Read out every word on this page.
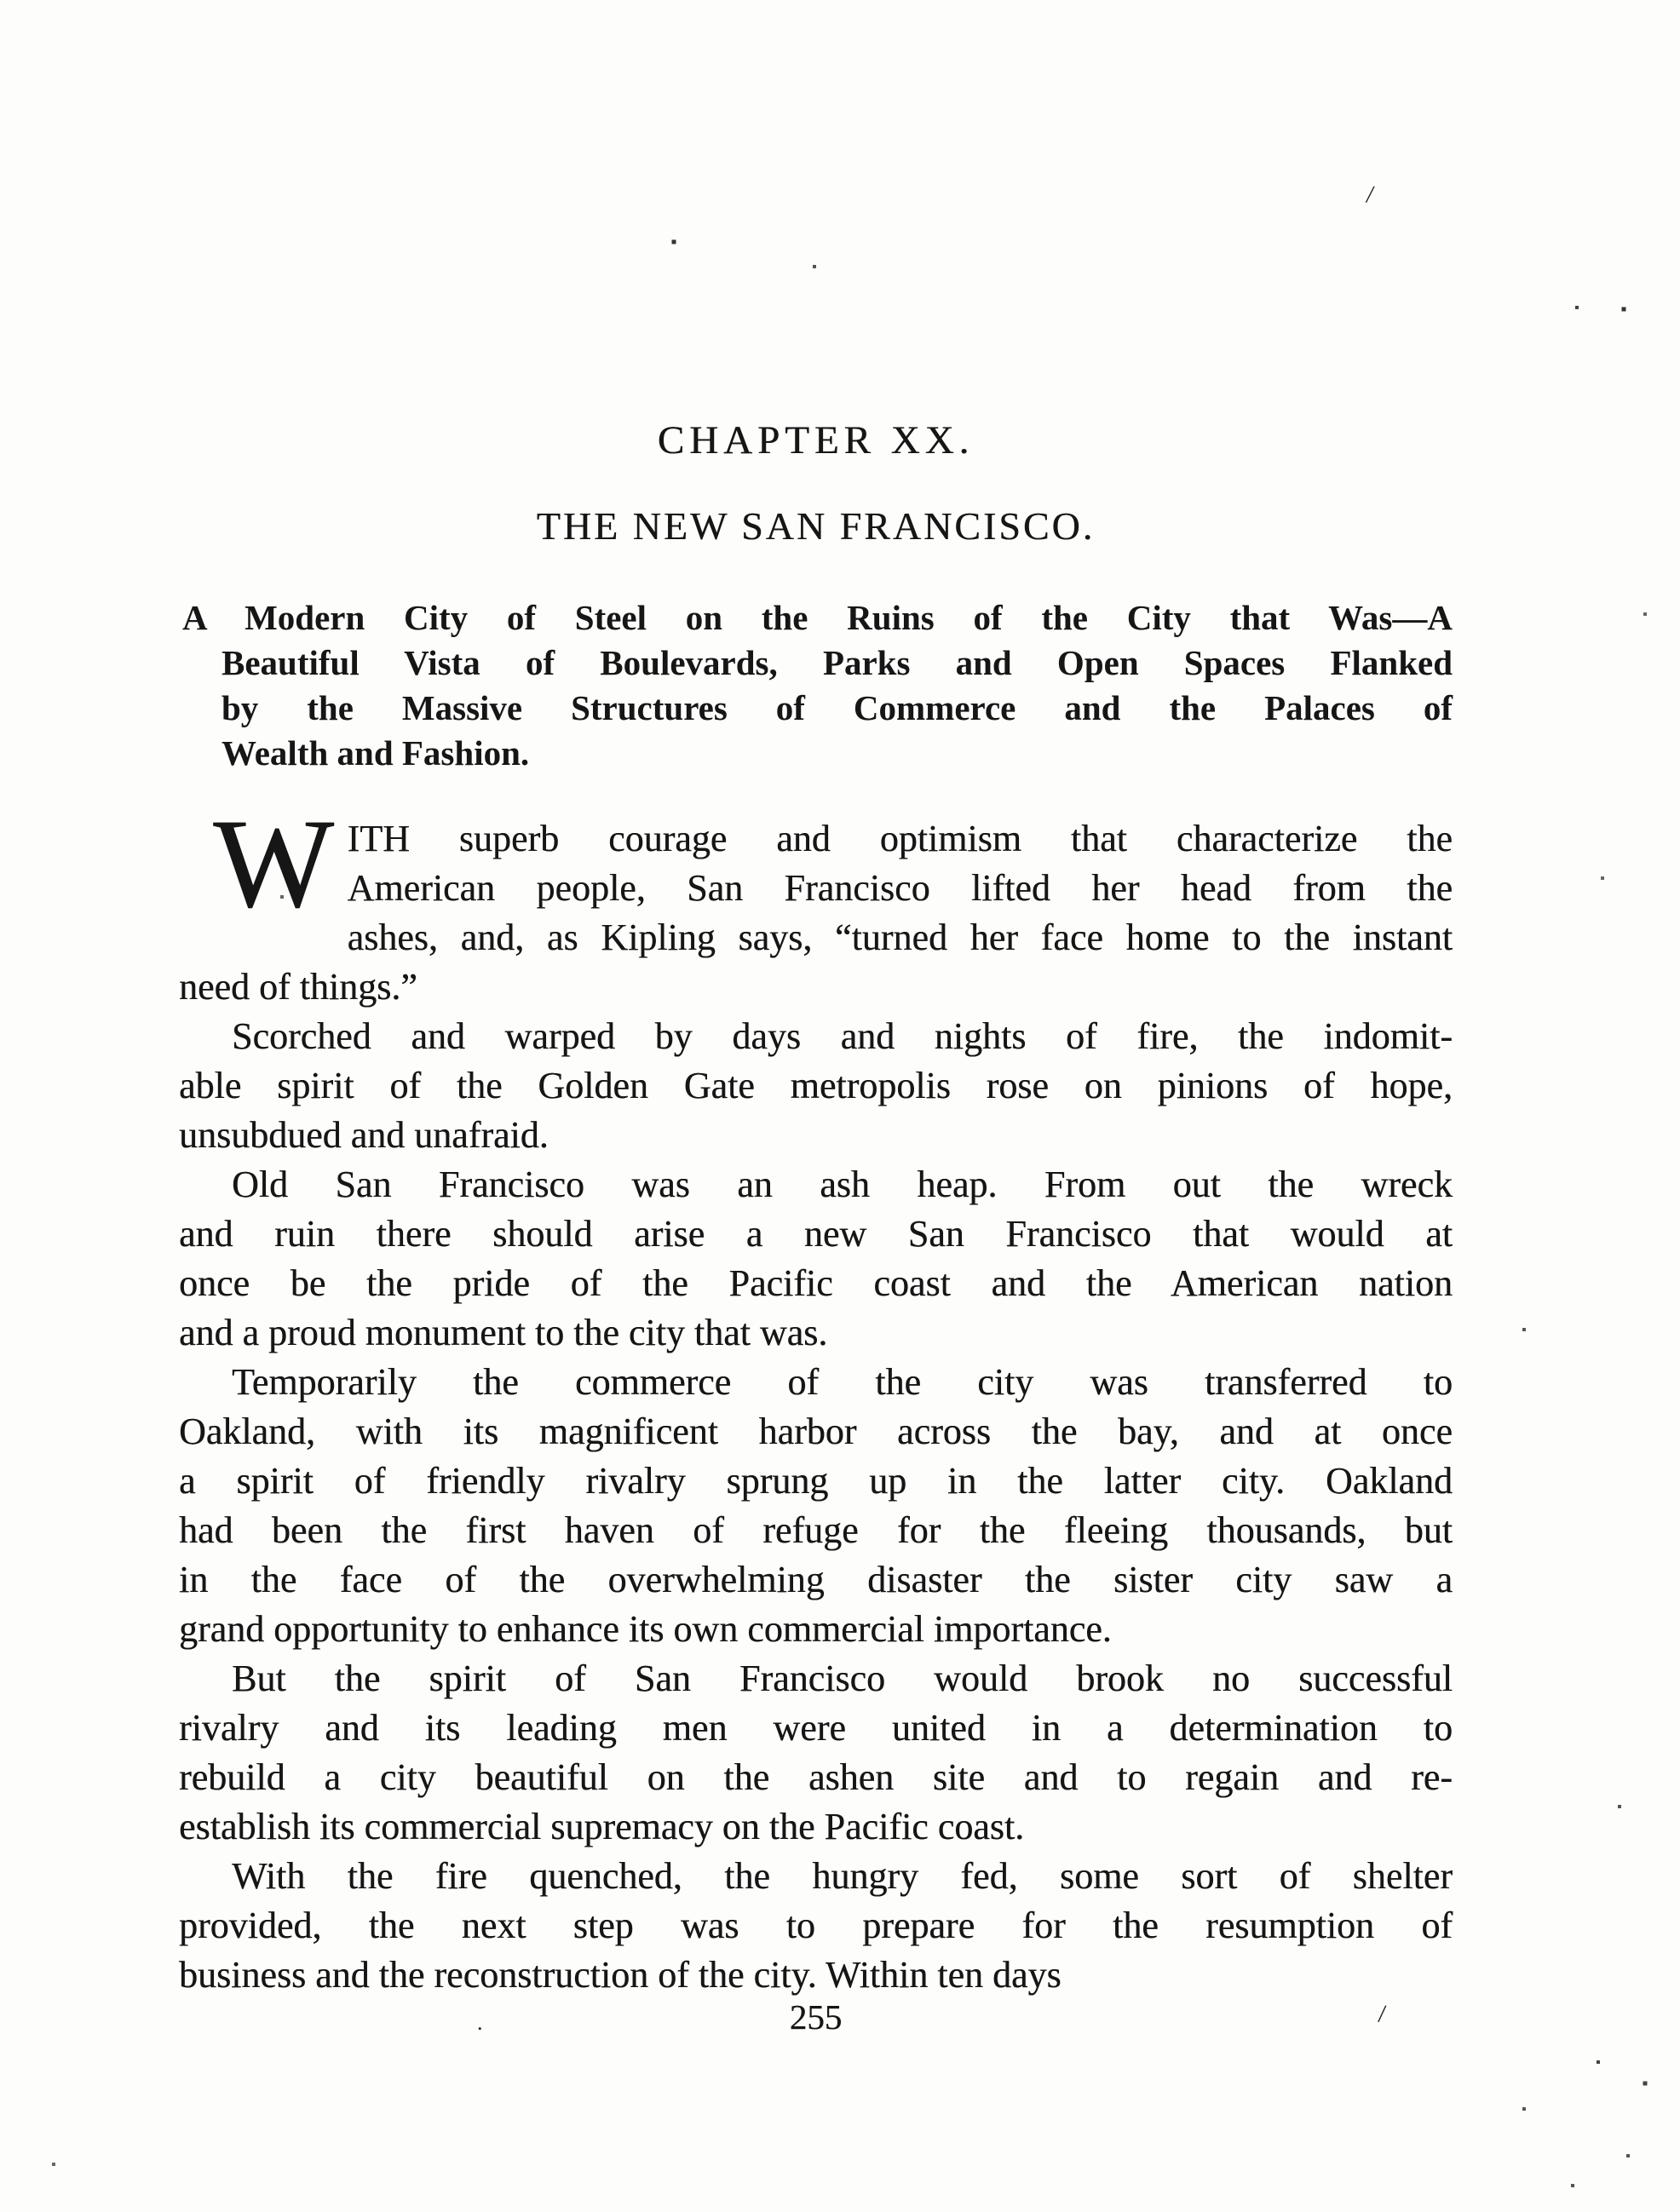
CHAPTER XX.
THE NEW SAN FRANCISCO.
A Modern City of Steel on the Ruins of the City that Was—A
Beautiful Vista of Boulevards, Parks and Open Spaces Flanked
by the Massive Structures of Commerce and the Palaces of
Wealth and Fashion.
W ITH superb courage and optimism that characterize the
American people, San Francisco lifted her head from the
ashes, and, as Kipling says, “turned her face home to the instant
need of things.”
Scorched and warped by days and nights of fire, the indomit-
able spirit of the Golden Gate metropolis rose on pinions of hope,
unsubdued and unafraid.
Old San Francisco was an ash heap. From out the wreck
and ruin there should arise a new San Francisco that would at
once be the pride of the Pacific coast and the American nation
and a proud monument to the city that was.
Temporarily the commerce of the city was transferred to
Oakland, with its magnificent harbor across the bay, and at once
a spirit of friendly rivalry sprung up in the latter city. Oakland
had been the first haven of refuge for the fleeing thousands, but
in the face of the overwhelming disaster the sister city saw a
grand opportunity to enhance its own commercial importance.
But the spirit of San Francisco would brook no successful
rivalry and its leading men were united in a determination to
rebuild a city beautiful on the ashen site and to regain and re-
establish its commercial supremacy on the Pacific coast.
With the fire quenched, the hungry fed, some sort of shelter
provided, the next step was to prepare for the resumption of
business and the reconstruction of the city. Within ten days
255
/
/
.
